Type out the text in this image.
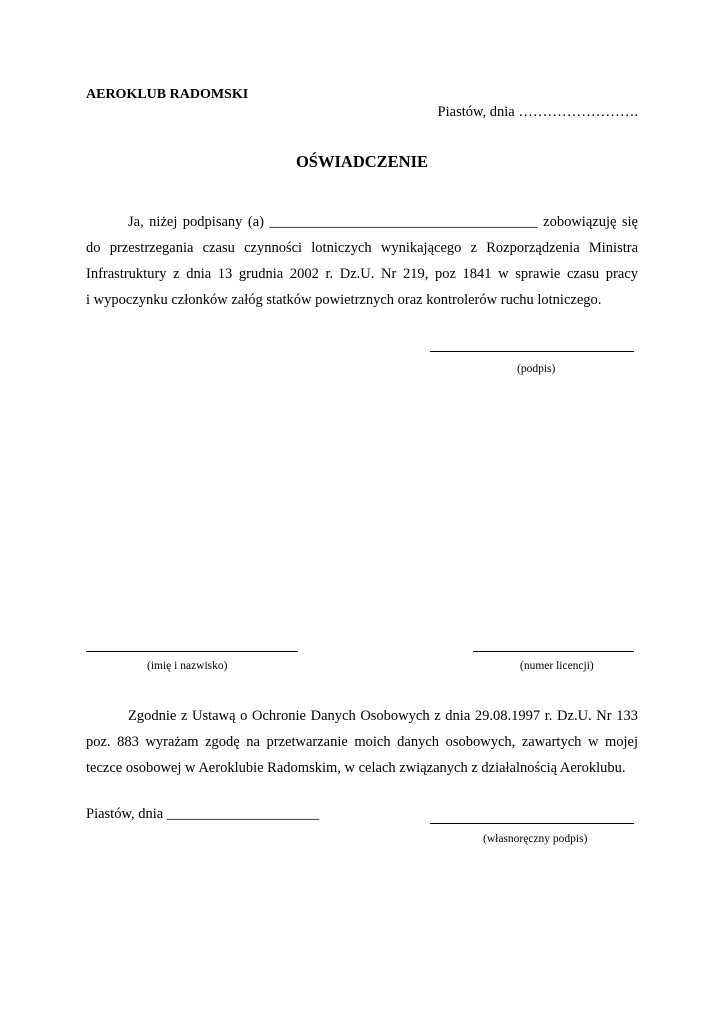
AEROKLUB RADOMSKI
Piastów, dnia …………………….
OŚWIADCZENIE
Ja, niżej podpisany (a) _____________________________________ zobowiązuję się
do przestrzegania czasu czynności lotniczych wynikającego z Rozporządzenia Ministra
Infrastruktury z dnia 13 grudnia 2002 r. Dz.U. Nr 219, poz 1841 w sprawie czasu pracy
i wypoczynku członków załóg statków powietrznych oraz kontrolerów ruchu lotniczego.
(podpis)
(imię i nazwisko)	(numer licencji)
Zgodnie z Ustawą o Ochronie Danych Osobowych z dnia 29.08.1997 r. Dz.U. Nr 133
poz. 883 wyrażam zgodę na przetwarzanie moich danych osobowych, zawartych w mojej
teczce osobowej w Aeroklubie Radomskim, w celach związanych z działalnością Aeroklubu.
Piastów, dnia _____________________
(własnoręczny podpis)
